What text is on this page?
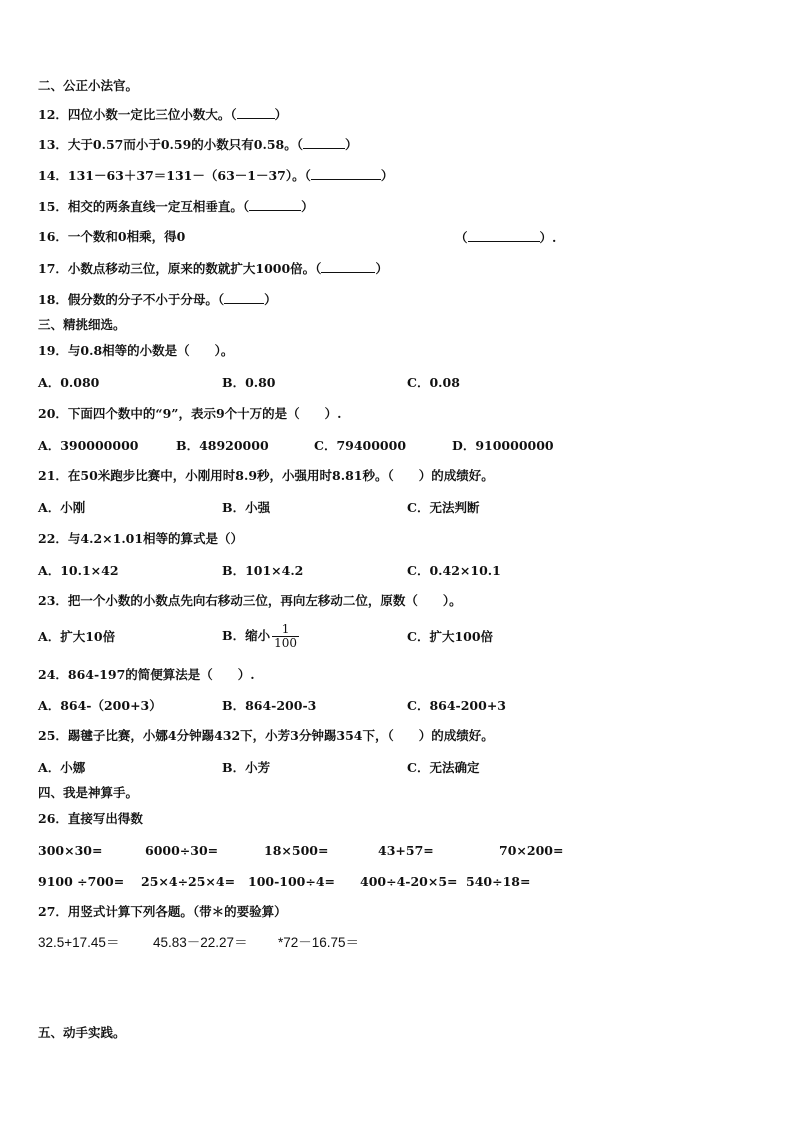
二、公正小法官。
12．四位小数一定比三位小数大。（	）
13．大于0.57而小于0.59的小数只有0.58。（	）
14．131－63＋37＝131－（63－1－37）。（	）
15．相交的两条直线一定互相垂直。（	）
16．一个数和0相乘，得0	（	）.
17．小数点移动三位，原来的数就扩大1000倍。（	）
18．假分数的分子不小于分母。（	）
三、精挑细选。
19．与0.8相等的小数是（　　）。
A．0.080	B．0.80	C．0.08
20．下面四个数中的“9”，表示9个十万的是（　　）.
A．390000000	B．48920000	C．79400000	D．910000000
21．在50米跑步比赛中，小刚用时8.9秒，小强用时8.81秒。（　　）的成绩好。
A．小刚	B．小强	C．无法判断
22．与4.2×1.01相等的算式是（）
A．10.1×42	B．101×4.2	C．0.42×10.1
23．把一个小数的小数点先向右移动三位，再向左移动二位，原数（　　）。
A．扩大10倍	B．缩小 $\frac{1}{100}$	C．扩大100倍
24．864-197的简便算法是（　　）.
A．864-（200+3）	B．864-200-3	C．864-200+3
25．踢毽子比赛，小娜4分钟踢432下，小芳3分钟踢354下，（　　）的成绩好。
A．小娜	B．小芳	C．无法确定
四、我是神算手。
26．直接写出得数
300×30=	6000÷30=	18×500=	43+57=	70×200=
9100 ÷700= 25×4÷25×4= 100-100÷4= 400÷4-20×5= 540÷18=
27．用竖式计算下列各题。（带＊的要验算）
32.5+17.45＝ 45.83－22.27＝ *72－16.75＝
五、动手实践。
